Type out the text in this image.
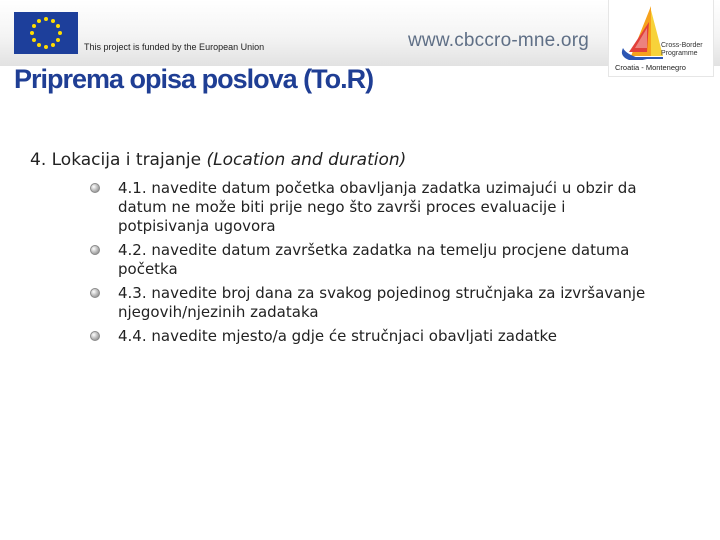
This project is funded by the European Union	www.cbccro-mne.org	Cross-Border Programme
Croatia - Montenegro
Priprema opisa poslova (To.R)

4. Lokacija i trajanje (Location and duration)

4.1. navedite datum početka obavljanja zadatka uzimajući u obzir da datum ne može biti prije nego što završi proces evaluacije i potpisivanja ugovora
4.2. navedite datum završetka zadatka na temelju procjene datuma početka
4.3. navedite broj dana za svakog pojedinog stručnjaka za izvršavanje njegovih/njezinih zadataka
4.4. navedite mjesto/a gdje će stručnjaci obavljati zadatke
